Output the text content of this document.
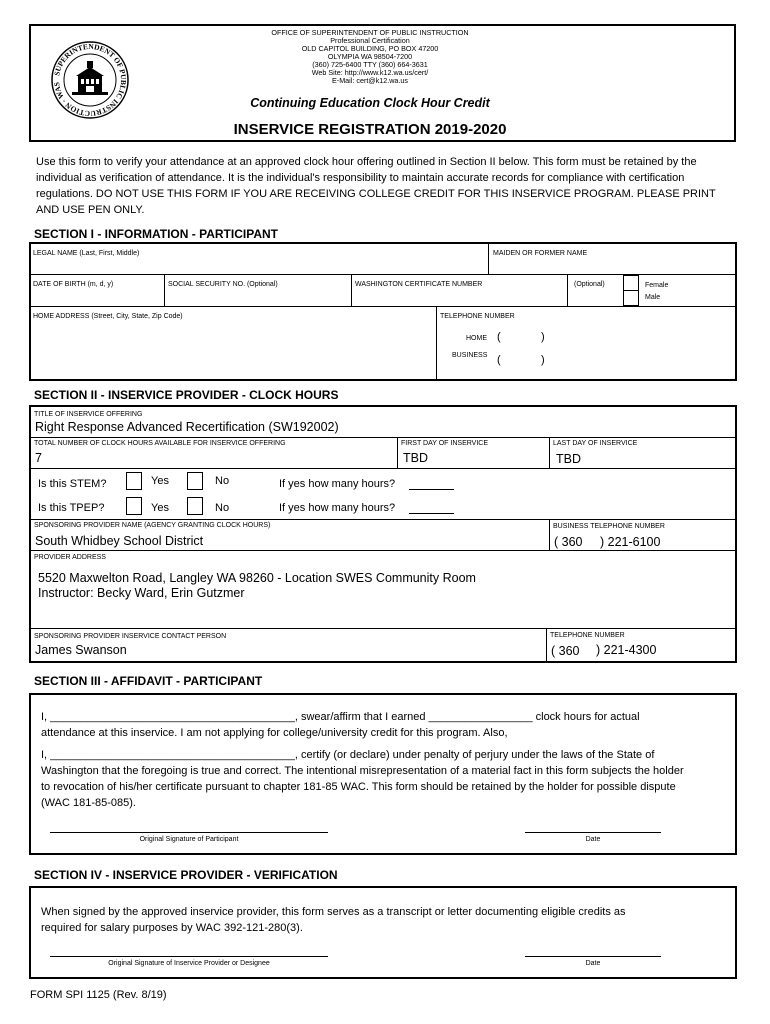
SUPERINTENDENT OF PUBLIC INSTRUCTION · WAS
OFFICE OF SUPERINTENDENT OF PUBLIC INSTRUCTION
Professional Certification
OLD CAPITOL BUILDING, PO BOX 47200
OLYMPIA WA 98504-7200
(360) 725-6400 TTY (360) 664-3631
Web Site: http://www.k12.wa.us/cert/
E-Mail: cert@k12.wa.us
Continuing Education Clock Hour Credit
INSERVICE REGISTRATION 2019-2020
Use this form to verify your attendance at an approved clock hour offering outlined in Section II below. This form must be retained by the individual as verification of attendance. It is the individual's responsibility to maintain accurate records for compliance with certification regulations. DO NOT USE THIS FORM IF YOU ARE RECEIVING COLLEGE CREDIT FOR THIS INSERVICE PROGRAM. PLEASE PRINT AND USE PEN ONLY.
SECTION I - INFORMATION - PARTICIPANT
LEGAL NAME (Last, First, Middle)	MAIDEN OR FORMER NAME
DATE OF BIRTH (m, d, y)	SOCIAL SECURITY NO. (Optional)	WASHINGTON CERTIFICATE NUMBER	(Optional)	Female
Male
HOME ADDRESS (Street, City, State, Zip Code)	TELEPHONE NUMBER
HOME (	)
BUSINESS (	)
SECTION II - INSERVICE PROVIDER - CLOCK HOURS
TITLE OF INSERVICE OFFERING
Right Response Advanced Recertification (SW192002)
TOTAL NUMBER OF CLOCK HOURS AVAILABLE FOR INSERVICE OFFERING
7
FIRST DAY OF INSERVICE
TBD
LAST DAY OF INSERVICE
TBD
Is this STEM?	Yes	No	If yes how many hours?
Is this TPEP?	Yes	No	If yes how many hours?
SPONSORING PROVIDER NAME (AGENCY GRANTING CLOCK HOURS)
South Whidbey School District
BUSINESS TELEPHONE NUMBER
( 360 ) 221-6100
PROVIDER ADDRESS
5520 Maxwelton Road, Langley WA 98260 - Location SWES Community Room
Instructor: Becky Ward, Erin Gutzmer
SPONSORING PROVIDER INSERVICE CONTACT PERSON
James Swanson
TELEPHONE NUMBER
( 360 ) 221-4300
SECTION III - AFFIDAVIT - PARTICIPANT
I, ________________________________________, swear/affirm that I earned _________________ clock hours for actual attendance at this inservice. I am not applying for college/university credit for this program. Also,
I, ________________________________________, certify (or declare) under penalty of perjury under the laws of the State of Washington that the foregoing is true and correct. The intentional misrepresentation of a material fact in this form subjects the holder to revocation of his/her certificate pursuant to chapter 181-85 WAC. This form should be retained by the holder for possible dispute (WAC 181-85-085).
Original Signature of Participant	Date
SECTION IV - INSERVICE PROVIDER - VERIFICATION
When signed by the approved inservice provider, this form serves as a transcript or letter documenting eligible credits as required for salary purposes by WAC 392-121-280(3).
Original Signature of Inservice Provider or Designee	Date
FORM SPI 1125 (Rev. 8/19)
